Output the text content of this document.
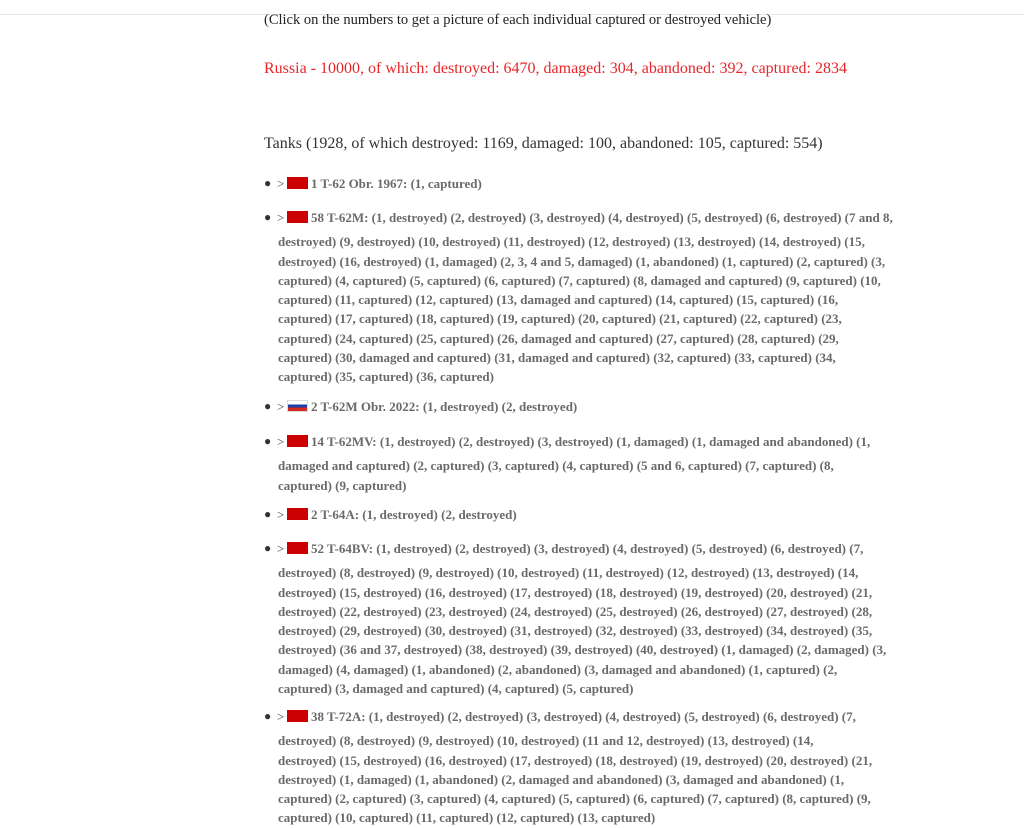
(Click on the numbers to get a picture of each individual captured or destroyed vehicle)
Russia - 10000, of which: destroyed: 6470, damaged: 304, abandoned: 392, captured: 2834
Tanks (1928, of which destroyed: 1169, damaged: 100, abandoned: 105, captured: 554)
● >	1 T-62 Obr. 1967: (1, captured)
● >	58 T-62M: (1, destroyed) (2, destroyed) (3, destroyed) (4, destroyed) (5, destroyed) (6, destroyed) (7 and 8,
destroyed) (9, destroyed) (10, destroyed) (11, destroyed) (12, destroyed) (13, destroyed) (14, destroyed) (15,
destroyed) (16, destroyed) (1, damaged) (2, 3, 4 and 5, damaged) (1, abandoned) (1, captured) (2, captured) (3,
captured) (4, captured) (5, captured) (6, captured) (7, captured) (8, damaged and captured) (9, captured) (10,
captured) (11, captured) (12, captured) (13, damaged and captured) (14, captured) (15, captured) (16,
captured) (17, captured) (18, captured) (19, captured) (20, captured) (21, captured) (22, captured) (23,
captured) (24, captured) (25, captured) (26, damaged and captured) (27, captured) (28, captured) (29,
captured) (30, damaged and captured) (31, damaged and captured) (32, captured) (33, captured) (34,
captured) (35, captured) (36, captured)
● >	2 T-62M Obr. 2022: (1, destroyed) (2, destroyed)
● >	14 T-62MV: (1, destroyed) (2, destroyed) (3, destroyed) (1, damaged) (1, damaged and abandoned) (1,
damaged and captured) (2, captured) (3, captured) (4, captured) (5 and 6, captured) (7, captured) (8,
captured) (9, captured)
● >	2 T-64A: (1, destroyed) (2, destroyed)
● >	52 T-64BV: (1, destroyed) (2, destroyed) (3, destroyed) (4, destroyed) (5, destroyed) (6, destroyed) (7,
destroyed) (8, destroyed) (9, destroyed) (10, destroyed) (11, destroyed) (12, destroyed) (13, destroyed) (14,
destroyed) (15, destroyed) (16, destroyed) (17, destroyed) (18, destroyed) (19, destroyed) (20, destroyed) (21,
destroyed) (22, destroyed) (23, destroyed) (24, destroyed) (25, destroyed) (26, destroyed) (27, destroyed) (28,
destroyed) (29, destroyed) (30, destroyed) (31, destroyed) (32, destroyed) (33, destroyed) (34, destroyed) (35,
destroyed) (36 and 37, destroyed) (38, destroyed) (39, destroyed) (40, destroyed) (1, damaged) (2, damaged) (3,
damaged) (4, damaged) (1, abandoned) (2, abandoned) (3, damaged and abandoned) (1, captured) (2,
captured) (3, damaged and captured) (4, captured) (5, captured)
● >	38 T-72A: (1, destroyed) (2, destroyed) (3, destroyed) (4, destroyed) (5, destroyed) (6, destroyed) (7,
destroyed) (8, destroyed) (9, destroyed) (10, destroyed) (11 and 12, destroyed) (13, destroyed) (14,
destroyed) (15, destroyed) (16, destroyed) (17, destroyed) (18, destroyed) (19, destroyed) (20, destroyed) (21,
destroyed) (1, damaged) (1, abandoned) (2, damaged and abandoned) (3, damaged and abandoned) (1,
captured) (2, captured) (3, captured) (4, captured) (5, captured) (6, captured) (7, captured) (8, captured) (9,
captured) (10, captured) (11, captured) (12, captured) (13, captured)
